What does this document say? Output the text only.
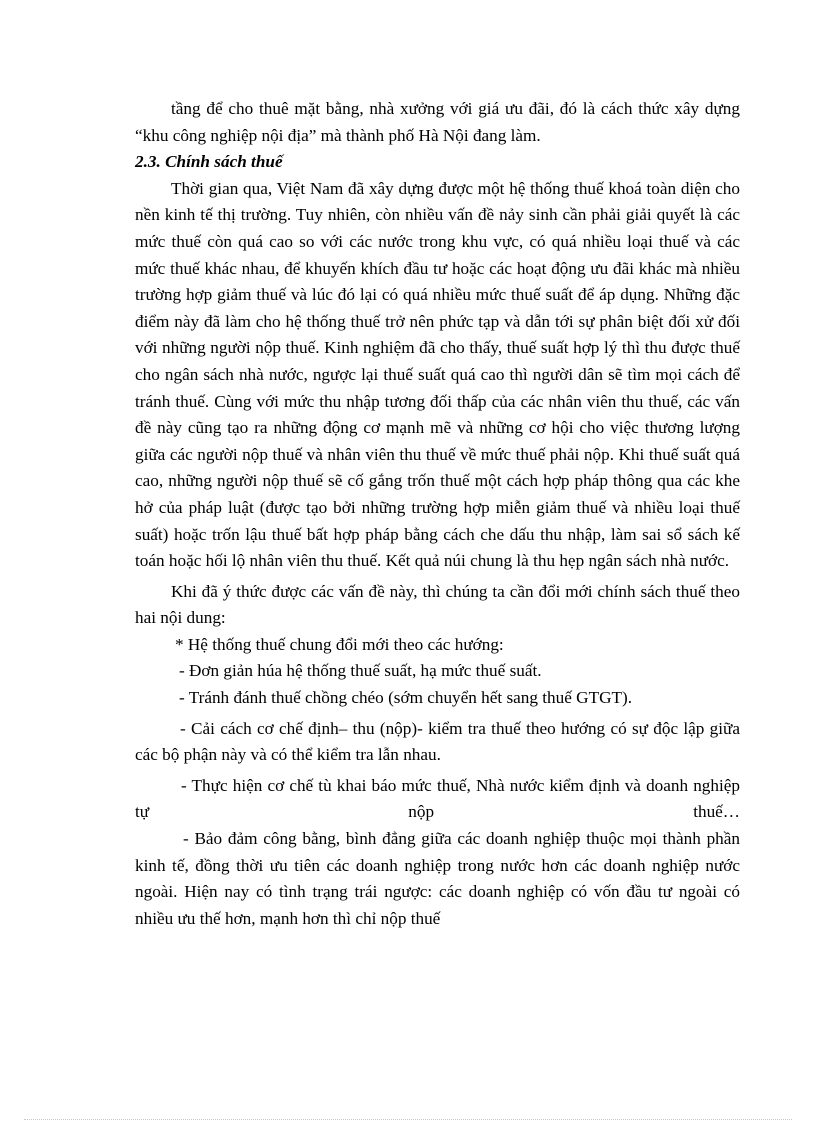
tầng để cho thuê mặt bằng, nhà xưởng với giá ưu đãi, đó là cách thức xây dựng “khu công nghiệp nội địa” mà thành phố Hà Nội đang làm.

2.3. Chính sách thuế

Thời gian qua, Việt Nam đã xây dựng được một hệ thống thuế khoá toàn diện cho nền kinh tế thị trường. Tuy nhiên, còn nhiều vấn đề nảy sinh cần phải giải quyết là các mức thuế còn quá cao so với các nước trong khu vực, có quá nhiều loại thuế và các mức thuế khác nhau, để khuyến khích đầu tư hoặc các hoạt động ưu đãi khác mà nhiều trường hợp giảm thuế và lúc đó lại có quá nhiều mức thuế suất để áp dụng. Những đặc điểm này đã làm cho hệ thống thuế trở nên phức tạp và dẫn tới sự phân biệt đối xử đối với những người nộp thuế. Kinh nghiệm đã cho thấy, thuế suất hợp lý thì thu được thuế cho ngân sách nhà nước, ngược lại thuế suất quá cao thì người dân sẽ tìm mọi cách để tránh thuế. Cùng với mức thu nhập tương đối thấp của các nhân viên thu thuế, các vấn đề này cũng tạo ra những động cơ mạnh mẽ và những cơ hội cho việc thương lượng giữa các người nộp thuế và nhân viên thu thuế về mức thuế phải nộp. Khi thuế suất quá cao, những người nộp thuế sẽ cố gắng trốn thuế một cách hợp pháp thông qua các khe hở của pháp luật (được tạo bởi những trường hợp miễn giảm thuế và nhiều loại thuế suất) hoặc trốn lậu thuế bất hợp pháp bằng cách che dấu thu nhập, làm sai sổ sách kế toán hoặc hối lộ nhân viên thu thuế. Kết quả núi chung là thu hẹp ngân sách nhà nước.

Khi đã ý thức được các vấn đề này, thì chúng ta cần đổi mới chính sách thuế theo hai nội dung:

* Hệ thống thuế chung đổi mới theo các hướng:

- Đơn giản húa hệ thống thuế suất, hạ mức thuế suất.

- Tránh đánh thuế chồng chéo (sớm chuyển hết sang thuế GTGT).

- Cải cách cơ chế định– thu (nộp)- kiểm tra thuế theo hướng có sự độc lập giữa các bộ phận này và có thể kiểm tra lẫn nhau.

- Thực hiện cơ chế tù khai báo mức thuế, Nhà nước kiểm định và doanh nghiệp tự nộp thuế…

- Bảo đảm công bằng, bình đẳng giữa các doanh nghiệp thuộc mọi thành phần kinh tế, đồng thời ưu tiên các doanh nghiệp trong nước hơn các doanh nghiệp nước ngoài. Hiện nay có tình trạng trái ngược: các doanh nghiệp có vốn đầu tư ngoài có nhiều ưu thế hơn, mạnh hơn thì chỉ nộp thuế
